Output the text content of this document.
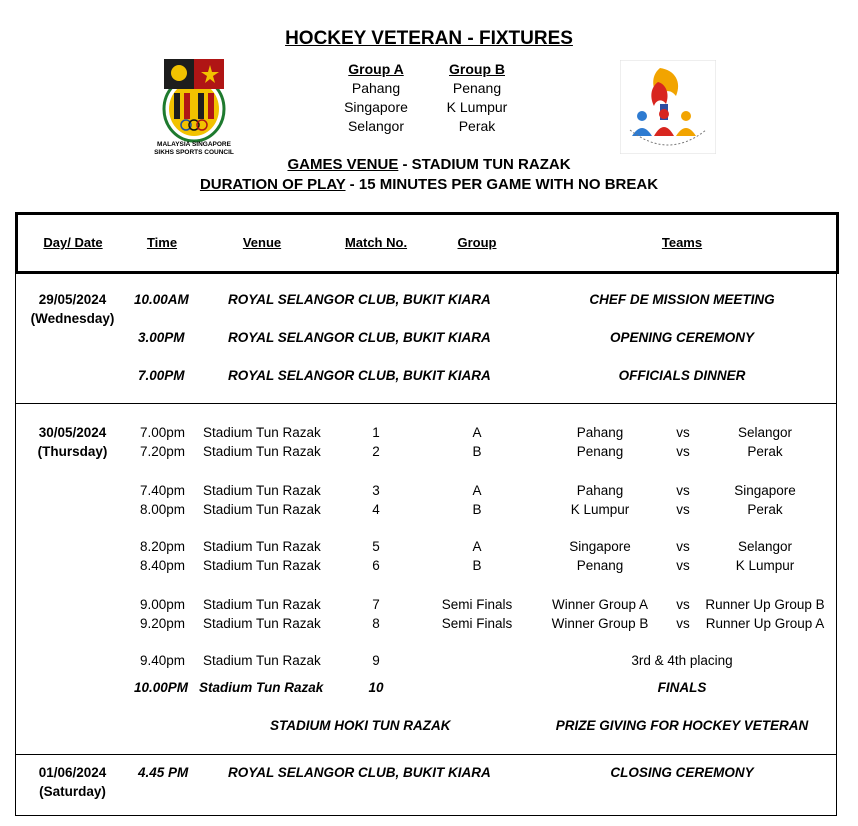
HOCKEY VETERAN - FIXTURES
MALAYSIA SINGAPORE
SIKHS SPORTS COUNCIL
Group A
Pahang
Singapore
Selangor
Group B
Penang
K Lumpur
Perak
GAMES VENUE - STADIUM TUN RAZAK
DURATION OF PLAY - 15 MINUTES PER GAME WITH NO BREAK
Day/ Date	Time	Venue	Match No.	Group	Teams
29/05/2024
(Wednesday)
10.00AM	ROYAL SELANGOR CLUB, BUKIT KIARA	CHEF DE MISSION MEETING
3.00PM	ROYAL SELANGOR CLUB, BUKIT KIARA	OPENING CEREMONY
7.00PM	ROYAL SELANGOR CLUB, BUKIT KIARA	OFFICIALS DINNER
30/05/2024
(Thursday)
7.00pm Stadium Tun Razak	1	A	Pahang	vs	Selangor
7.20pm Stadium Tun Razak	2	B	Penang	vs	Perak
7.40pm Stadium Tun Razak	3	A	Pahang	vs	Singapore
8.00pm Stadium Tun Razak	4	B	K Lumpur	vs	Perak
8.20pm Stadium Tun Razak	5	A	Singapore	vs	Selangor
8.40pm Stadium Tun Razak	6	B	Penang	vs	K Lumpur
9.00pm Stadium Tun Razak	7	Semi Finals	Winner Group A	vs	Runner Up Group B
9.20pm Stadium Tun Razak	8	Semi Finals	Winner Group B	vs	Runner Up Group A
9.40pm Stadium Tun Razak	9	3rd & 4th placing
10.00PM Stadium Tun Razak	10	FINALS
STADIUM HOKI TUN RAZAK	PRIZE GIVING FOR HOCKEY VETERAN
01/06/2024
(Saturday)
4.45 PM	ROYAL SELANGOR CLUB, BUKIT KIARA	CLOSING CEREMONY
